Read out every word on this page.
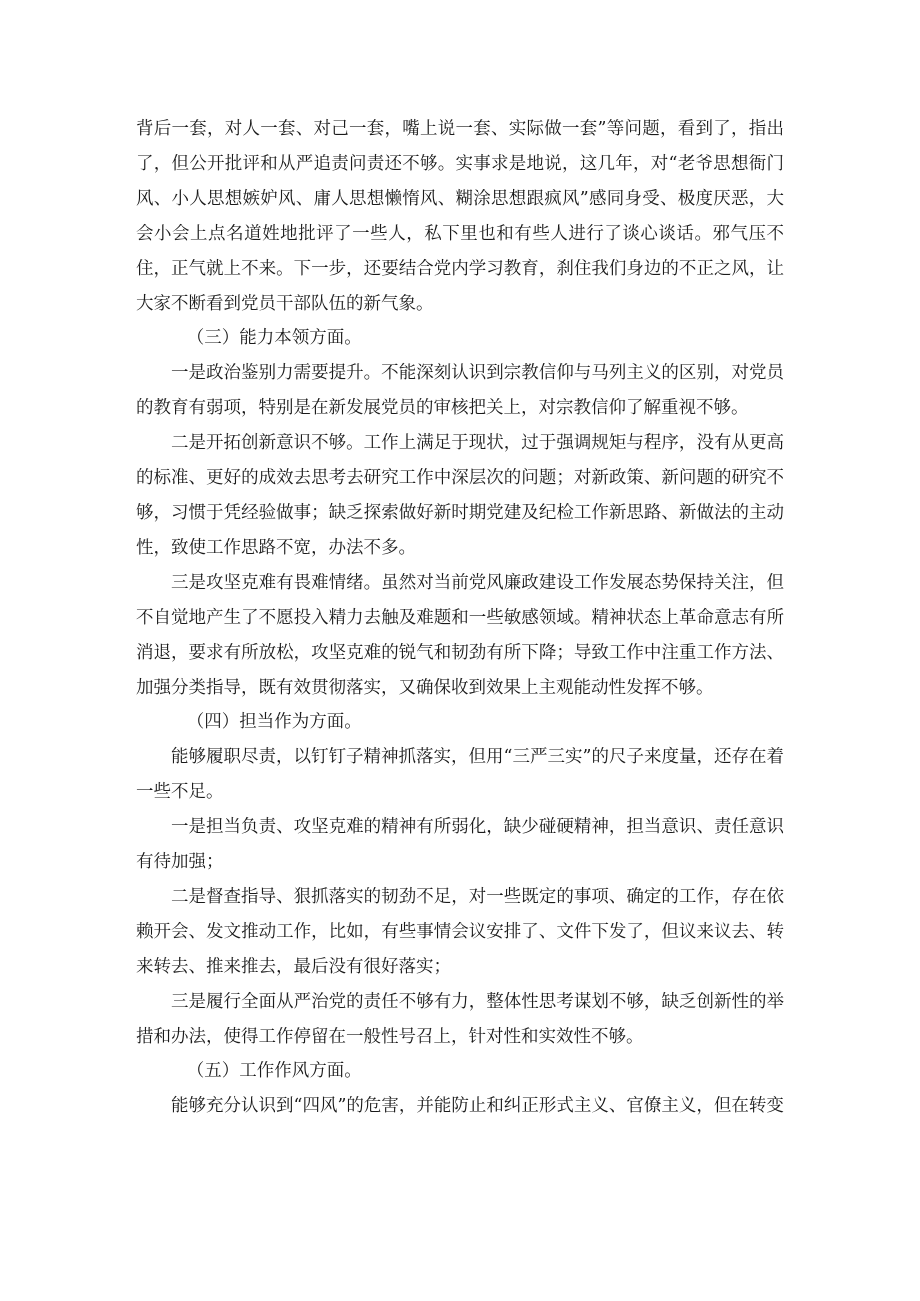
背后一套，对人一套、对己一套，嘴上说一套、实际做一套”等问题，看到了，指出了，但公开批评和从严追责问责还不够。实事求是地说，这几年，对“老爷思想衙门风、小人思想嫉妒风、庸人思想懒惰风、糊涂思想跟疯风”感同身受、极度厌恶，大会小会上点名道姓地批评了一些人，私下里也和有些人进行了谈心谈话。邪气压不住，正气就上不来。下一步，还要结合党内学习教育，刹住我们身边的不正之风，让大家不断看到党员干部队伍的新气象。

（三）能力本领方面。

一是政治鉴别力需要提升。不能深刻认识到宗教信仰与马列主义的区别，对党员的教育有弱项，特别是在新发展党员的审核把关上，对宗教信仰了解重视不够。

二是开拓创新意识不够。工作上满足于现状，过于强调规矩与程序，没有从更高的标准、更好的成效去思考去研究工作中深层次的问题；对新政策、新问题的研究不够，习惯于凭经验做事；缺乏探索做好新时期党建及纪检工作新思路、新做法的主动性，致使工作思路不宽，办法不多。

三是攻坚克难有畏难情绪。虽然对当前党风廉政建设工作发展态势保持关注，但不自觉地产生了不愿投入精力去触及难题和一些敏感领域。精神状态上革命意志有所消退，要求有所放松，攻坚克难的锐气和韧劲有所下降；导致工作中注重工作方法、加强分类指导，既有效贯彻落实，又确保收到效果上主观能动性发挥不够。

（四）担当作为方面。

能够履职尽责，以钉钉子精神抓落实，但用“三严三实”的尺子来度量，还存在着一些不足。

一是担当负责、攻坚克难的精神有所弱化，缺少碰硬精神，担当意识、责任意识有待加强；

二是督查指导、狠抓落实的韧劲不足，对一些既定的事项、确定的工作，存在依赖开会、发文推动工作，比如，有些事情会议安排了、文件下发了，但议来议去、转来转去、推来推去，最后没有很好落实；

三是履行全面从严治党的责任不够有力，整体性思考谋划不够，缺乏创新性的举措和办法，使得工作停留在一般性号召上，针对性和实效性不够。

（五）工作作风方面。

能够充分认识到“四风”的危害，并能防止和纠正形式主义、官僚主义，但在转变
